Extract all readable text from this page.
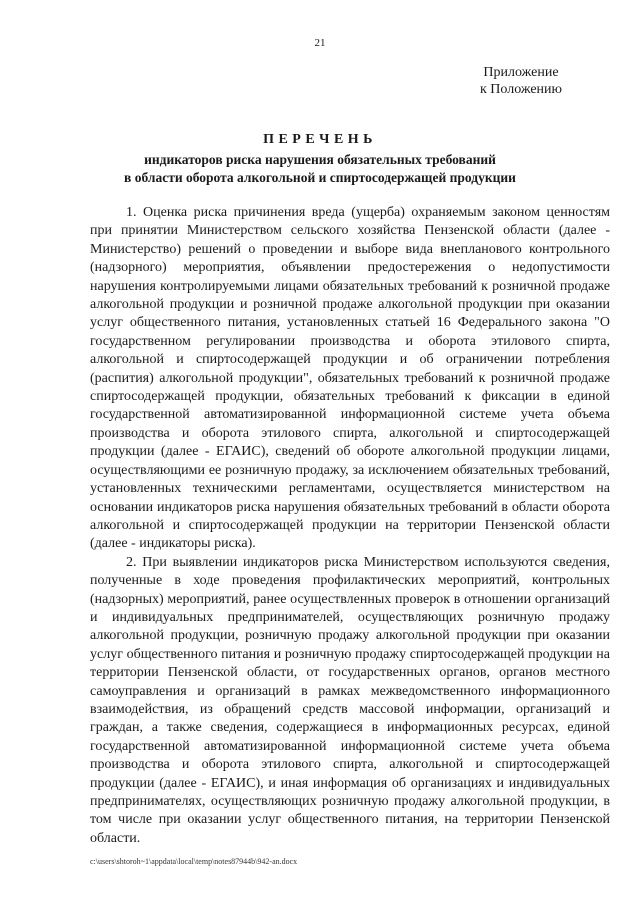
21
Приложение
к Положению
ПЕРЕЧЕНЬ
индикаторов риска нарушения обязательных требований
в области оборота алкогольной и спиртосодержащей продукции

1. Оценка риска причинения вреда (ущерба) охраняемым законом ценностям при принятии Министерством сельского хозяйства Пензенской области (далее - Министерство) решений о проведении и выборе вида внепланового контрольного (надзорного) мероприятия, объявлении предостережения о недопустимости нарушения контролируемыми лицами обязательных требований к розничной продаже алкогольной продукции и розничной продаже алкогольной продукции при оказании услуг общественного питания, установленных статьей 16 Федерального закона "О государственном регулировании производства и оборота этилового спирта, алкогольной и спиртосодержащей продукции и об ограничении потребления (распития) алкогольной продукции", обязательных требований к розничной продаже спиртосодержащей продукции, обязательных требований к фиксации в единой государственной автоматизированной информационной системе учета объема производства и оборота этилового спирта, алкогольной и спиртосодержащей продукции (далее - ЕГАИС), сведений об обороте алкогольной продукции лицами, осуществляющими ее розничную продажу, за исключением обязательных требований, установленных техническими регламентами, осуществляется министерством на основании индикаторов риска нарушения обязательных требований в области оборота алкогольной и спиртосодержащей продукции на территории Пензенской области (далее - индикаторы риска).

2. При выявлении индикаторов риска Министерством используются сведения, полученные в ходе проведения профилактических мероприятий, контрольных (надзорных) мероприятий, ранее осуществленных проверок в отношении организаций и индивидуальных предпринимателей, осуществляющих розничную продажу алкогольной продукции, розничную продажу алкогольной продукции при оказании услуг общественного питания и розничную продажу спиртосодержащей продукции на территории Пензенской области, от государственных органов, органов местного самоуправления и организаций в рамках межведомственного информационного взаимодействия, из обращений средств массовой информации, организаций и граждан, а также сведения, содержащиеся в информационных ресурсах, единой государственной автоматизированной информационной системе учета объема производства и оборота этилового спирта, алкогольной и спиртосодержащей продукции (далее - ЕГАИС), и иная информация об организациях и индивидуальных предпринимателях, осуществляющих розничную продажу алкогольной продукции, в том числе при оказании услуг общественного питания, на территории Пензенской области.

c:\users\shtoroh~1\appdata\local\temp\notes87944b\942-an.docx
